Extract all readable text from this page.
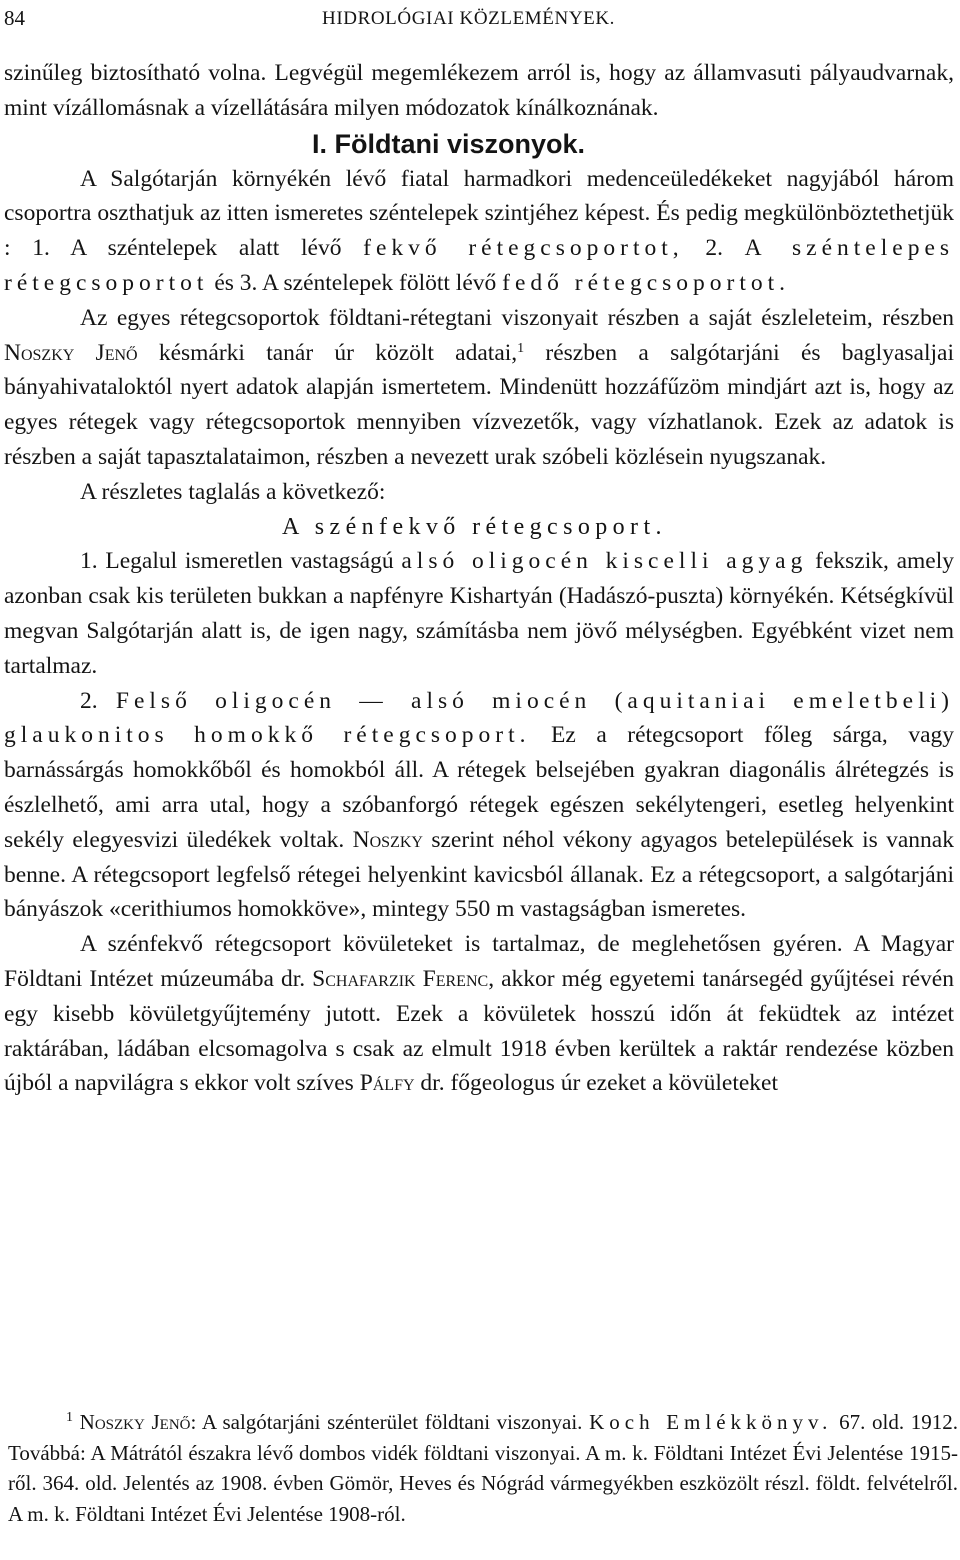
84	HIDROLÓGIAI KÖZLEMÉNYEK.

szinűleg biztosítható volna. Legvégül megemlékezem arról is, hogy az államvasuti pályaudvarnak, mint vízállomásnak a vízellátására milyen módozatok kínálkoznának.

I. Földtani viszonyok.

A Salgótarján környékén lévő fiatal harmadkori medenceüledékeket nagyjából három csoportra oszthatjuk az itten ismeretes széntelepek szintjéhez képest. És pedig megkülönböztethetjük : 1. A széntelepek alatt lévő fekvő rétegcsoportot, 2. A széntelepes rétegcsoportot és 3. A széntelepek fölött lévő fedő rétegcsoportot.

Az egyes rétegcsoportok földtani-rétegtani viszonyait részben a saját észleleteim, részben Noszky Jenő késmárki tanár úr közölt adatai,$^1$ részben a salgótarjáni és baglyasaljai bányahivataloktól nyert adatok alapján ismertetem. Mindenütt hozzáfűzöm mindjárt azt is, hogy az egyes rétegek vagy rétegcsoportok mennyiben vízvezetők, vagy vízhatlanok. Ezek az adatok is részben a saját tapasztalataimon, részben a nevezett urak szóbeli közlésein nyugszanak.

A részletes taglalás a következő:

A szénfekvő rétegcsoport.

1. Legalul ismeretlen vastagságú alsó oligocén kiscelli agyag fekszik, amely azonban csak kis területen bukkan a napfényre Kishartyán (Hadászó-puszta) környékén. Kétségkívül megvan Salgótarján alatt is, de igen nagy, számításba nem jövő mélységben. Egyébként vizet nem tartalmaz.

2. Felső oligocén — alsó miocén (aquitaniai emeletbeli) glaukonitos homokkő rétegcsoport. Ez a rétegcsoport főleg sárga, vagy barnássárgás homokkőből és homokból áll. A rétegek belsejében gyakran diagonális álrétegzés is észlelhető, ami arra utal, hogy a szóbanforgó rétegek egészen sekélytengeri, esetleg helyenkint sekély elegyesvizi üledékek voltak. Noszky szerint néhol vékony agyagos betelepülések is vannak benne. A rétegcsoport legfelső rétegei helyenkint kavicsból állanak. Ez a rétegcsoport, a salgótarjáni bányászok «cerithiumos homokköve», mintegy 550 m vastagságban ismeretes.

A szénfekvő rétegcsoport kövületeket is tartalmaz, de meglehetősen gyéren. A Magyar Földtani Intézet múzeumába dr. Schafarzik Ferenc, akkor még egyetemi tanársegéd gyűjtései révén egy kisebb kövületgyűjtemény jutott. Ezek a kövületek hosszú időn át feküdtek az intézet raktárában, ládában elcsomagolva s csak az elmult 1918 évben kerültek a raktár rendezése közben újból a napvilágra s ekkor volt szíves Pálfy dr. főgeologus úr ezeket a kövületeket

$^1$ Noszky Jenő: A salgótarjáni szénterület földtani viszonyai. Koch Emlékkönyv. 67. old. 1912. Továbbá: A Mátrától északra lévő dombos vidék földtani viszonyai. A m. k. Földtani Intézet Évi Jelentése 1915-ről. 364. old. Jelentés az 1908. évben Gömör, Heves és Nógrád vármegyékben eszközölt részl. földt. felvételről. A m. k. Földtani Intézet Évi Jelentése 1908-ról.
